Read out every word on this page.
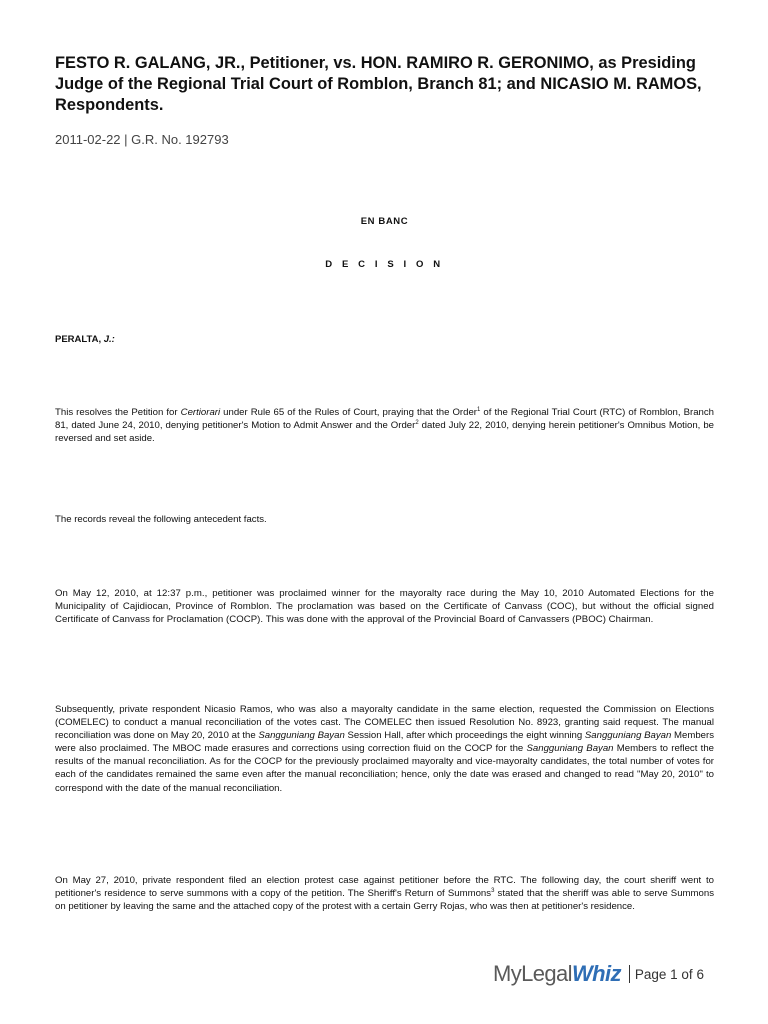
FESTO R. GALANG, JR., Petitioner, vs. HON. RAMIRO R. GERONIMO, as Presiding Judge of the Regional Trial Court of Romblon, Branch 81; and NICASIO M. RAMOS, Respondents.
2011-02-22 | G.R. No. 192793
EN BANC
D E C I S I O N
PERALTA, J.:
This resolves the Petition for Certiorari under Rule 65 of the Rules of Court, praying that the Order$^1$ of the Regional Trial Court (RTC) of Romblon, Branch 81, dated June 24, 2010, denying petitioner's Motion to Admit Answer and the Order$^2$ dated July 22, 2010, denying herein petitioner's Omnibus Motion, be reversed and set aside.
The records reveal the following antecedent facts.
On May 12, 2010, at 12:37 p.m., petitioner was proclaimed winner for the mayoralty race during the May 10, 2010 Automated Elections for the Municipality of Cajidiocan, Province of Romblon. The proclamation was based on the Certificate of Canvass (COC), but without the official signed Certificate of Canvass for Proclamation (COCP). This was done with the approval of the Provincial Board of Canvassers (PBOC) Chairman.
Subsequently, private respondent Nicasio Ramos, who was also a mayoralty candidate in the same election, requested the Commission on Elections (COMELEC) to conduct a manual reconciliation of the votes cast. The COMELEC then issued Resolution No. 8923, granting said request. The manual reconciliation was done on May 20, 2010 at the Sangguniang Bayan Session Hall, after which proceedings the eight winning Sangguniang Bayan Members were also proclaimed. The MBOC made erasures and corrections using correction fluid on the COCP for the Sangguniang Bayan Members to reflect the results of the manual reconciliation. As for the COCP for the previously proclaimed mayoralty and vice-mayoralty candidates, the total number of votes for each of the candidates remained the same even after the manual reconciliation; hence, only the date was erased and changed to read "May 20, 2010" to correspond with the date of the manual reconciliation.
On May 27, 2010, private respondent filed an election protest case against petitioner before the RTC. The following day, the court sheriff went to petitioner's residence to serve summons with a copy of the petition. The Sheriff's Return of Summons$^3$ stated that the sheriff was able to serve Summons on petitioner by leaving the same and the attached copy of the protest with a certain Gerry Rojas, who was then at petitioner's residence.
MyLegalWhiz Page 1 of 6
